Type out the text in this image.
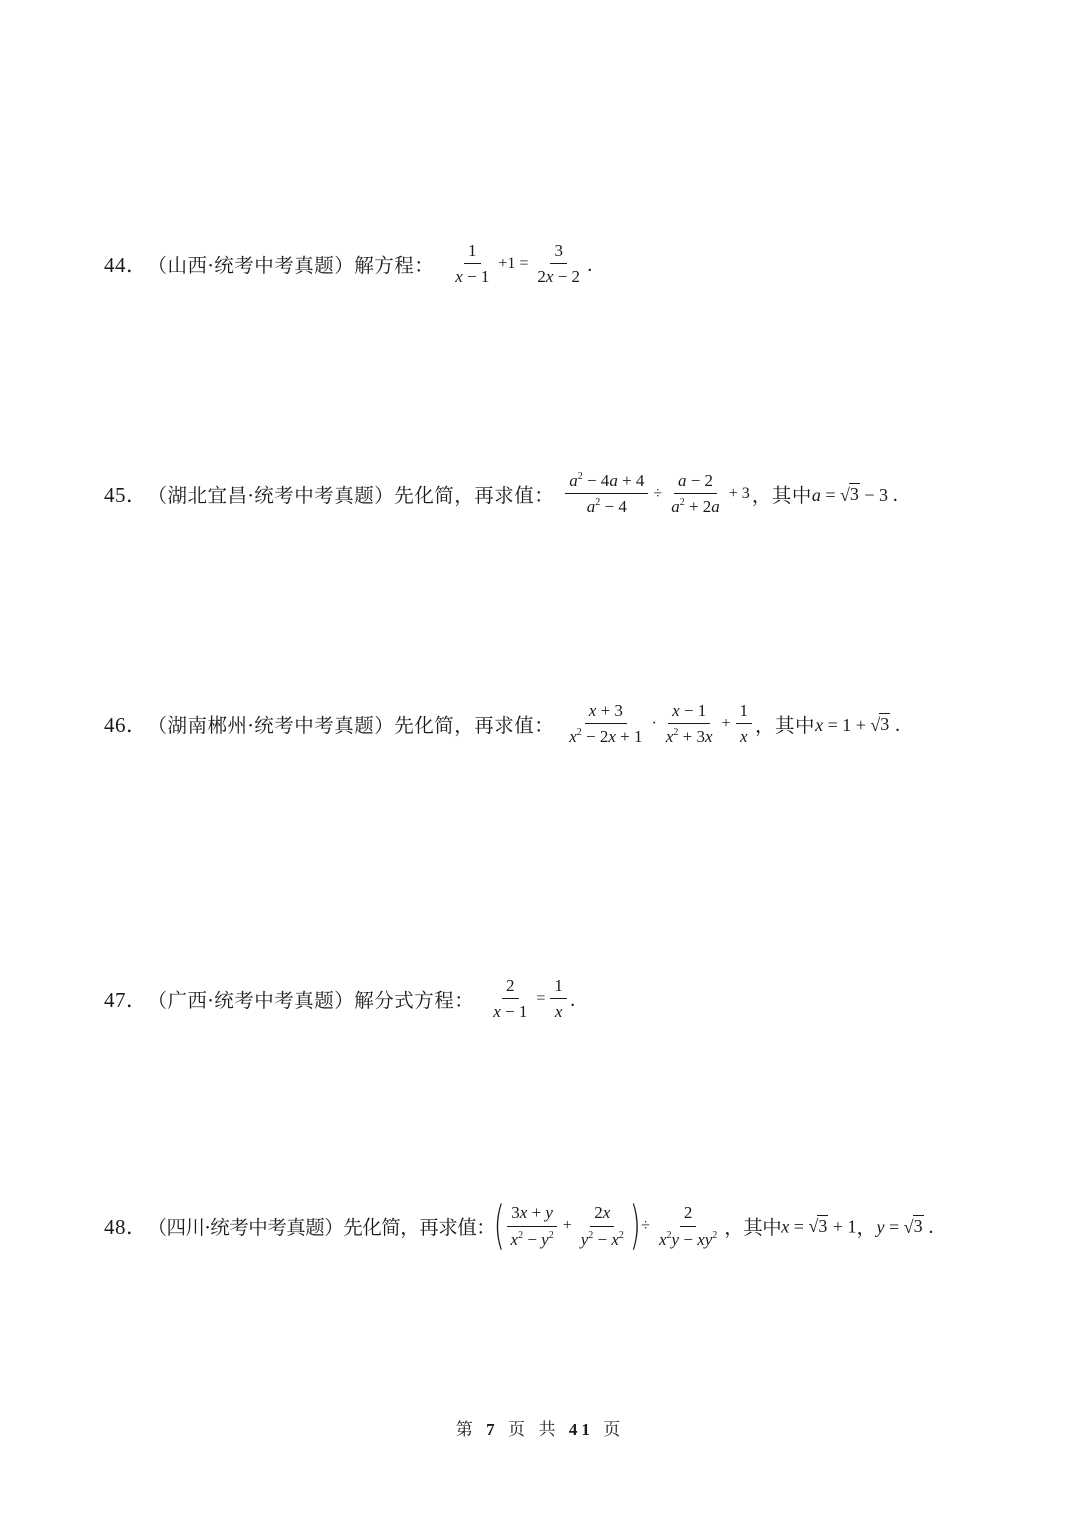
44． （山西·统考中考真题） 解方程： $\frac{1}{x - 1} +1 = \frac{3}{2x - 2}$ ．
45． （湖北宜昌·统考中考真题） 先化简，再求值： $\frac{a^2 - 4a + 4}{a^2 - 4} \div \frac{a - 2}{a^2 + 2a} + 3$ ，其中 a = √ 3 − 3 ．
46． （湖南郴州·统考中考真题） 先化简，再求值： $\frac{x + 3}{x^2 - 2x + 1} \cdot \frac{x - 1}{x^2 + 3x} + \frac{1}{x}$ ，其中 x = 1 + √ 3 ．
47． （广西·统考中考真题） 解分式方程： $\frac{2}{x - 1} = \frac{1}{x}$ ．
48． （四川·统考中考真题） 先化简，再求值：
( $\frac{3x + y}{x^2 - y^2} + \frac{2x}{y^2 - x^2}$ ) ÷ $\frac{2}{x^2y - xy^2}$ ，其中 x = √ 3 + 1 ， y = √ 3 ．
第 7 页 共 41 页
